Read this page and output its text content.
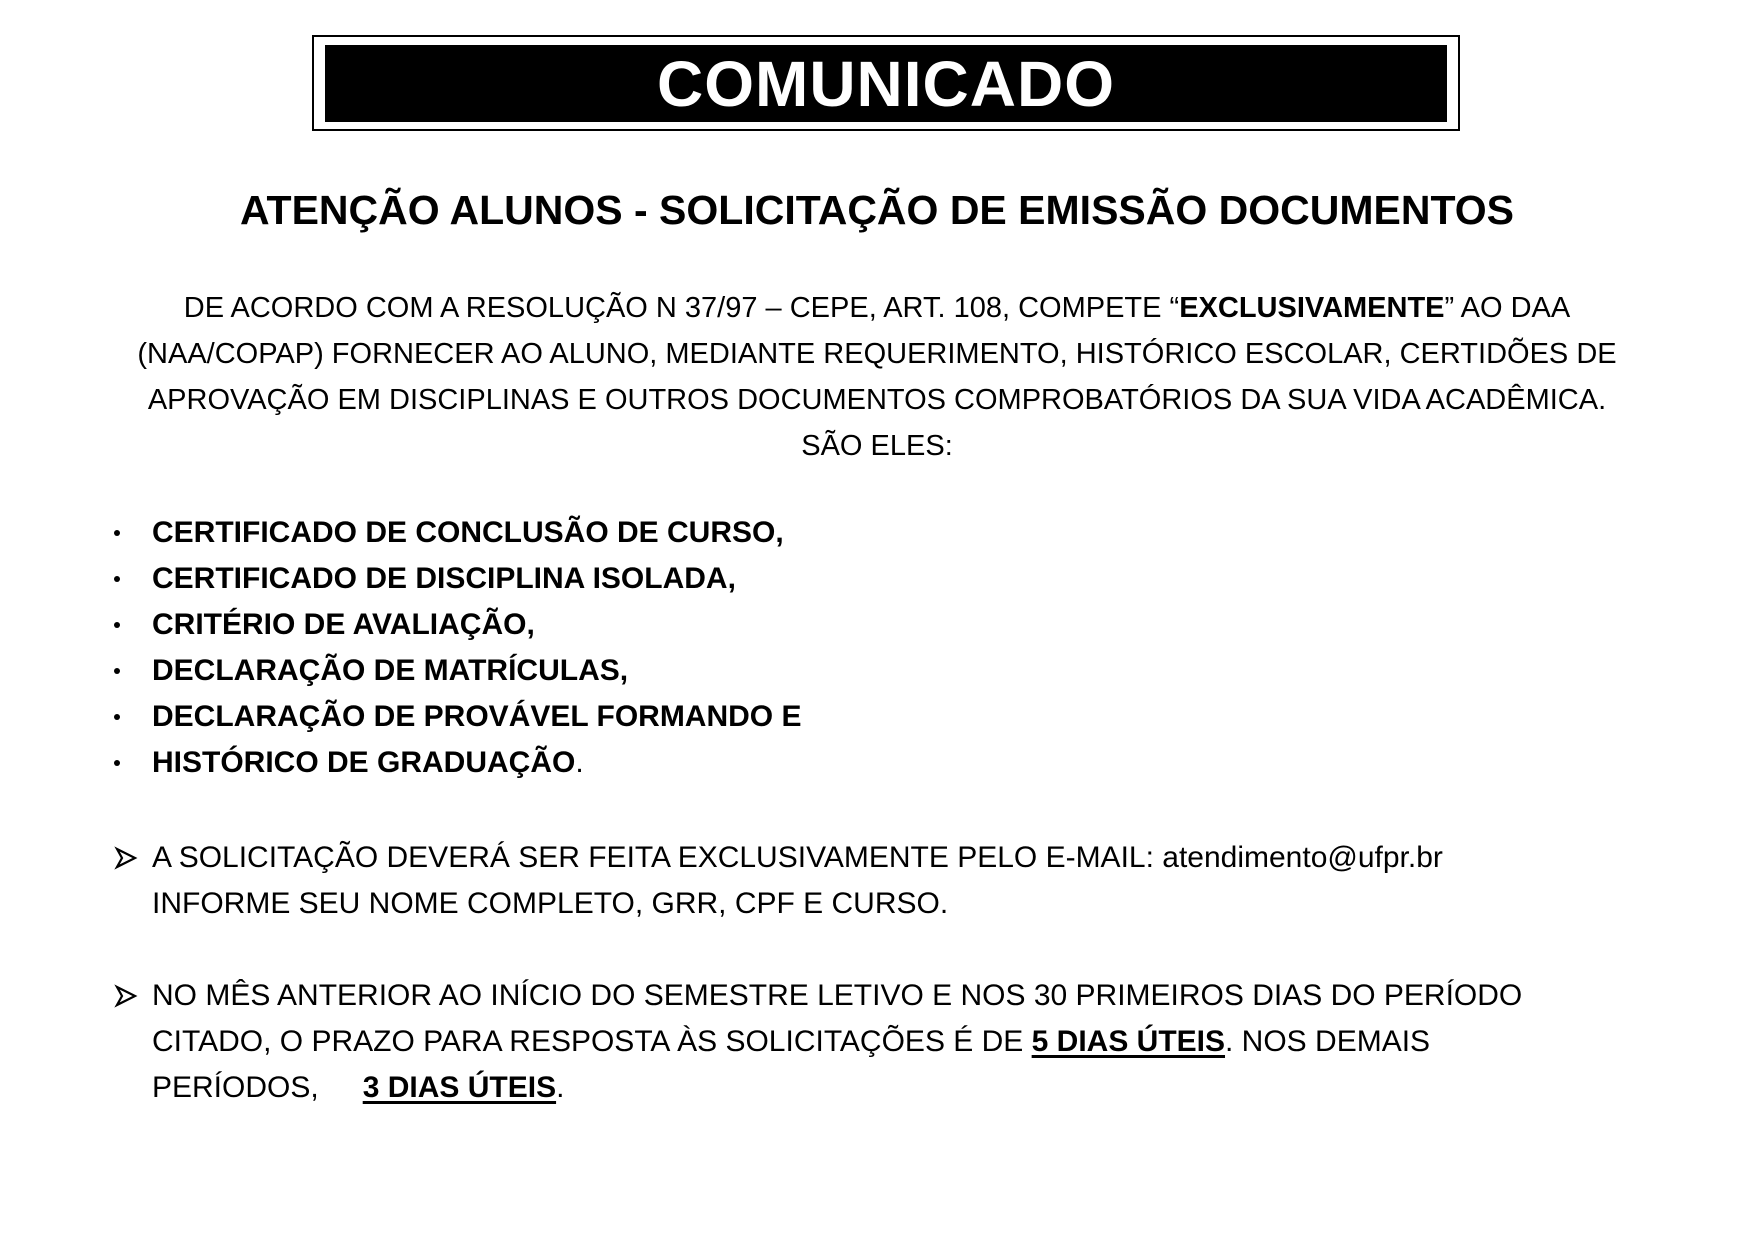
COMUNICADO
ATENÇÃO ALUNOS - SOLICITAÇÃO DE EMISSÃO DOCUMENTOS
DE ACORDO COM A RESOLUÇÃO N 37/97 – CEPE, ART. 108, COMPETE “EXCLUSIVAMENTE” AO DAA
(NAA/COPAP) FORNECER AO ALUNO, MEDIANTE REQUERIMENTO, HISTÓRICO ESCOLAR, CERTIDÕES DE
APROVAÇÃO EM DISCIPLINAS E OUTROS DOCUMENTOS COMPROBATÓRIOS DA SUA VIDA ACADÊMICA.
SÃO ELES:
CERTIFICADO DE CONCLUSÃO DE CURSO,
CERTIFICADO DE DISCIPLINA ISOLADA,
CRITÉRIO DE AVALIAÇÃO,
DECLARAÇÃO DE MATRÍCULAS,
DECLARAÇÃO DE PROVÁVEL FORMANDO E
HISTÓRICO DE GRADUAÇÃO.
A SOLICITAÇÃO DEVERÁ SER FEITA EXCLUSIVAMENTE PELO E-MAIL: atendimento@ufpr.br
INFORME SEU NOME COMPLETO, GRR, CPF E CURSO.
NO MÊS ANTERIOR AO INÍCIO DO SEMESTRE LETIVO E NOS 30 PRIMEIROS DIAS DO PERÍODO
CITADO, O PRAZO PARA RESPOSTA ÀS SOLICITAÇÕES É DE 5 DIAS ÚTEIS. NOS DEMAIS
PERÍODOS, 3 DIAS ÚTEIS.
